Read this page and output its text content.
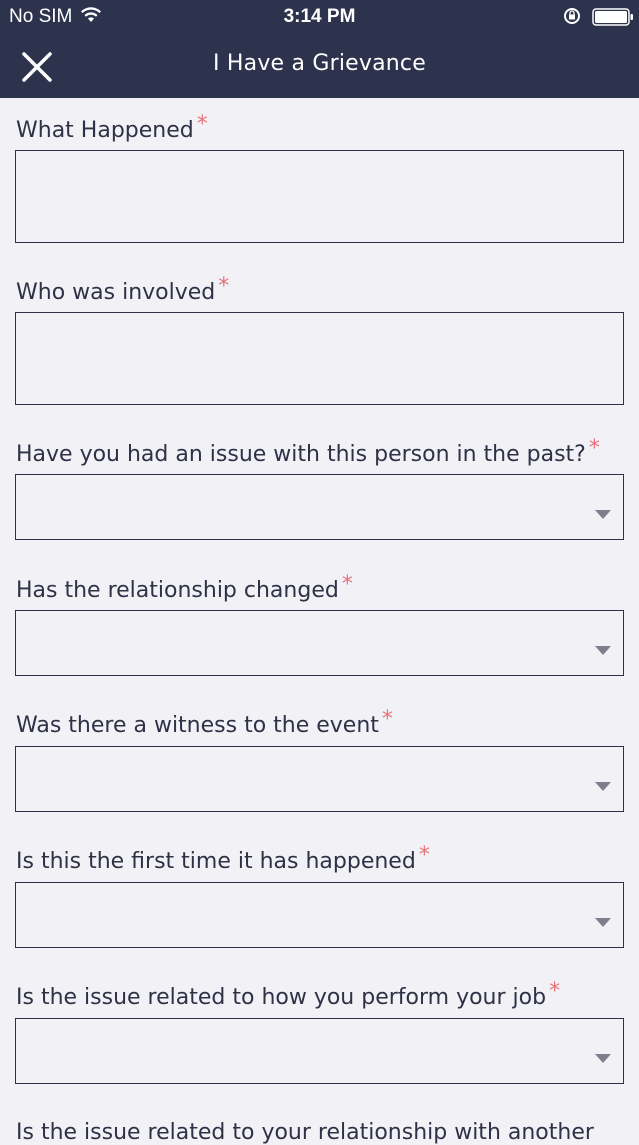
No SIM	3:14 PM
I Have a Grievance
What Happened *
Who was involved *
Have you had an issue with this person in the past? *
Has the relationship changed *
Was there a witness to the event *
Is this the first time it has happened *
Is the issue related to how you perform your job *
Is the issue related to your relationship with another
